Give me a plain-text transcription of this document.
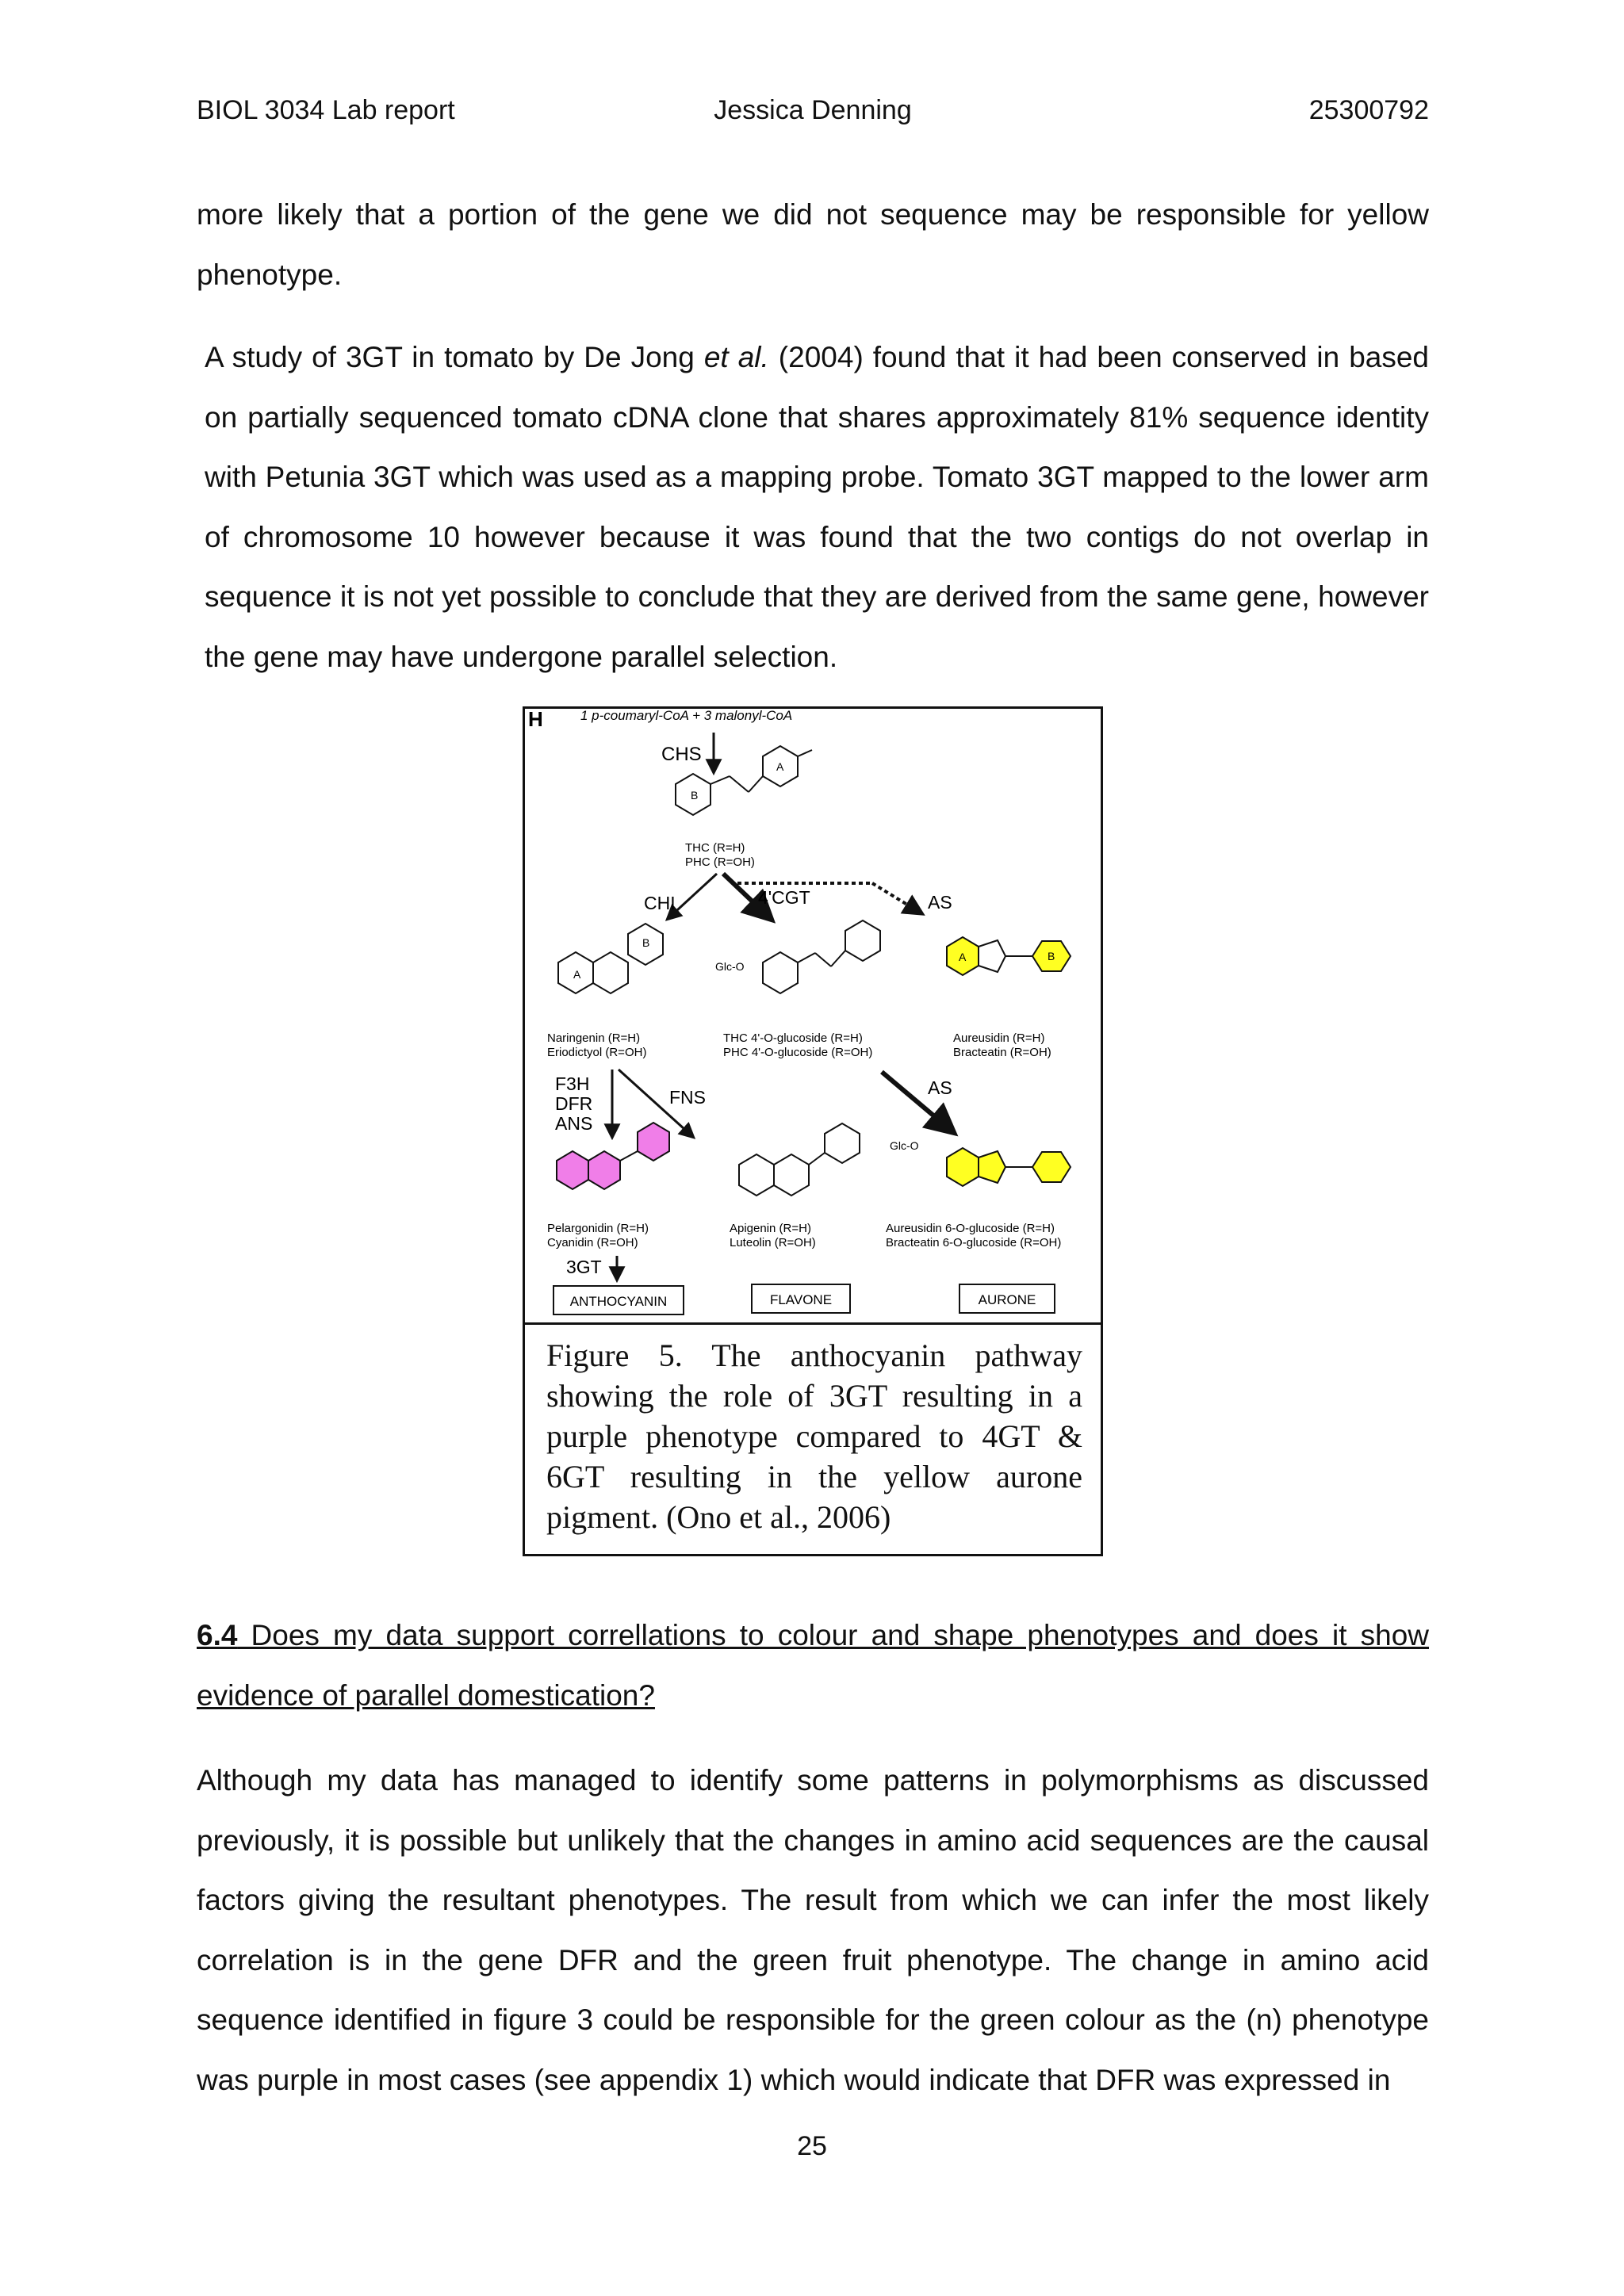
BIOL 3034 Lab report	Jessica Denning	25300792

more likely that a portion of the gene we did not sequence may be responsible for yellow phenotype.

A study of 3GT in tomato by De Jong et al. (2004) found that it had been conserved in based on partially sequenced tomato cDNA clone that shares approximately 81% sequence identity with Petunia 3GT which was used as a mapping probe. Tomato 3GT mapped to the lower arm of chromosome 10 however because it was found that the two contigs do not overlap in sequence it is not yet possible to conclude that they are derived from the same gene, however the gene may have undergone parallel selection.

H	1 p-coumaryl-CoA + 3 malonyl-CoA
CHS
B
A
THC (R=H)
PHC (R=OH)
CHI	4'CGT	AS
A
B
Naringenin (R=H)
Eriodictyol (R=OH)
Glc-O
THC 4'-O-glucoside (R=H)
PHC 4'-O-glucoside (R=OH)
A	B
Aureusidin (R=H)
Bracteatin (R=OH)
F3H
DFR
ANS
FNS	AS
Pelargonidin (R=H)
Cyanidin (R=OH)
Apigenin (R=H)
Luteolin (R=OH)
Glc-O
Aureusidin 6-O-glucoside (R=H)
Bracteatin 6-O-glucoside (R=OH)
3GT
ANTHOCYANIN	FLAVONE	AURONE
Figure 5. The anthocyanin pathway showing the role of 3GT resulting in a purple phenotype compared to 4GT & 6GT resulting in the yellow aurone pigment. (Ono et al., 2006)

6.4 Does my data support correllations to colour and shape phenotypes and does it show evidence of parallel domestication?

Although my data has managed to identify some patterns in polymorphisms as discussed previously, it is possible but unlikely that the changes in amino acid sequences are the causal factors giving the resultant phenotypes. The result from which we can infer the most likely correlation is in the gene DFR and the green fruit phenotype. The change in amino acid sequence identified in figure 3 could be responsible for the green colour as the (n) phenotype was purple in most cases (see appendix 1) which would indicate that DFR was expressed in

25
